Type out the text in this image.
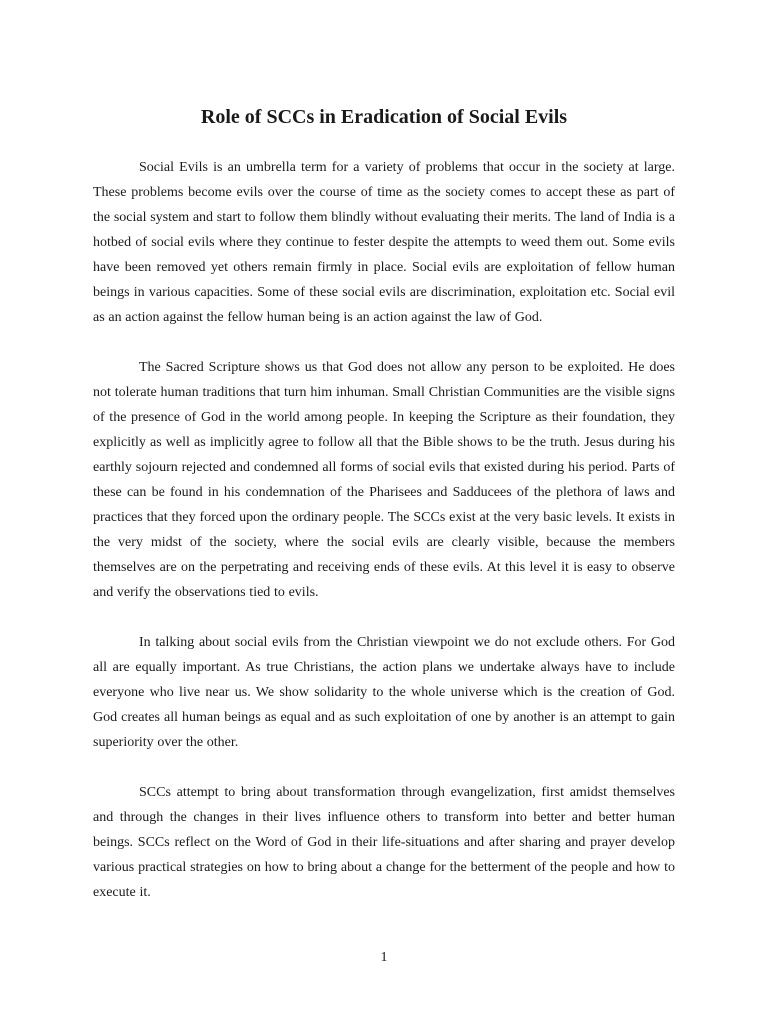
Role of SCCs in Eradication of Social Evils

Social Evils is an umbrella term for a variety of problems that occur in the society at large. These problems become evils over the course of time as the society comes to accept these as part of the social system and start to follow them blindly without evaluating their merits. The land of India is a hotbed of social evils where they continue to fester despite the attempts to weed them out. Some evils have been removed yet others remain firmly in place. Social evils are exploitation of fellow human beings in various capacities. Some of these social evils are discrimination, exploitation etc. Social evil as an action against the fellow human being is an action against the law of God.

The Sacred Scripture shows us that God does not allow any person to be exploited. He does not tolerate human traditions that turn him inhuman. Small Christian Communities are the visible signs of the presence of God in the world among people. In keeping the Scripture as their foundation, they explicitly as well as implicitly agree to follow all that the Bible shows to be the truth. Jesus during his earthly sojourn rejected and condemned all forms of social evils that existed during his period. Parts of these can be found in his condemnation of the Pharisees and Sadducees of the plethora of laws and practices that they forced upon the ordinary people. The SCCs exist at the very basic levels. It exists in the very midst of the society, where the social evils are clearly visible, because the members themselves are on the perpetrating and receiving ends of these evils. At this level it is easy to observe and verify the observations tied to evils.

In talking about social evils from the Christian viewpoint we do not exclude others. For God all are equally important. As true Christians, the action plans we undertake always have to include everyone who live near us. We show solidarity to the whole universe which is the creation of God. God creates all human beings as equal and as such exploitation of one by another is an attempt to gain superiority over the other.

SCCs attempt to bring about transformation through evangelization, first amidst themselves and through the changes in their lives influence others to transform into better and better human beings. SCCs reflect on the Word of God in their life-situations and after sharing and prayer develop various practical strategies on how to bring about a change for the betterment of the people and how to execute it.

1
